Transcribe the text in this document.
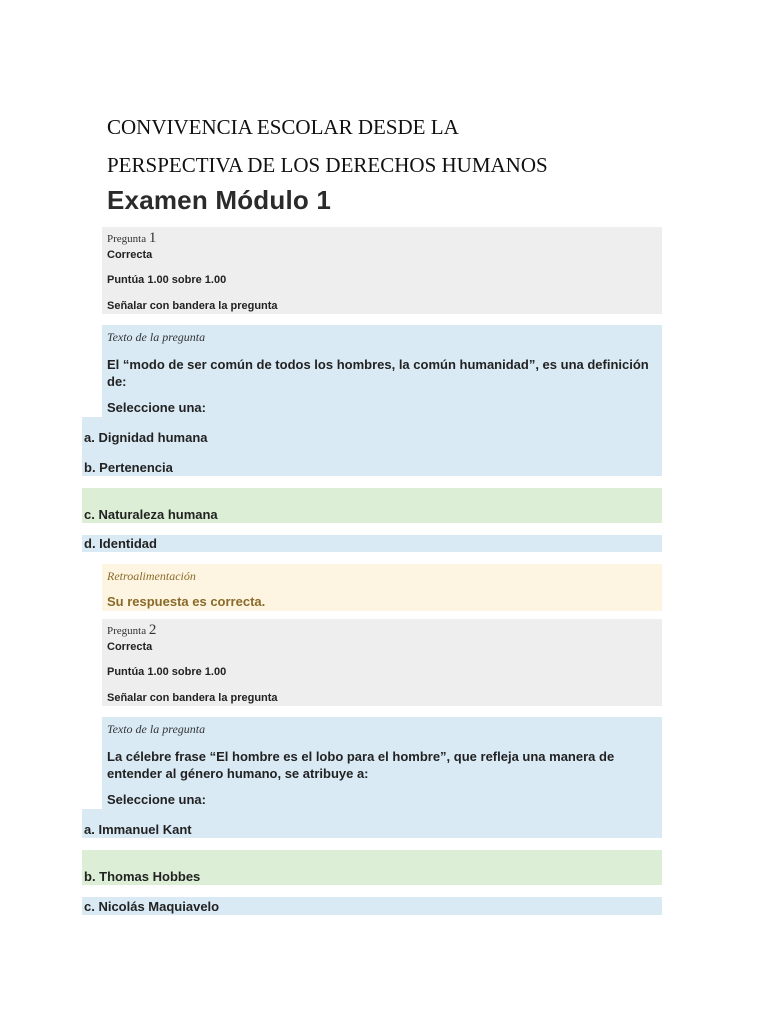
CONVIVENCIA ESCOLAR DESDE LA
PERSPECTIVA DE LOS DERECHOS HUMANOS
Examen Módulo 1
Pregunta 1
Correcta
Puntúa 1.00 sobre 1.00
Señalar con bandera la pregunta
Texto de la pregunta
El “modo de ser común de todos los hombres, la común humanidad”, es una definición de:
Seleccione una:
a. Dignidad humana
b. Pertenencia
c. Naturaleza humana
d. Identidad
Retroalimentación
Su respuesta es correcta.
Pregunta 2
Correcta
Puntúa 1.00 sobre 1.00
Señalar con bandera la pregunta
Texto de la pregunta
La célebre frase “El hombre es el lobo para el hombre”, que refleja una manera de entender al género humano, se atribuye a:
Seleccione una:
a. Immanuel Kant
b. Thomas Hobbes
c. Nicolás Maquiavelo
